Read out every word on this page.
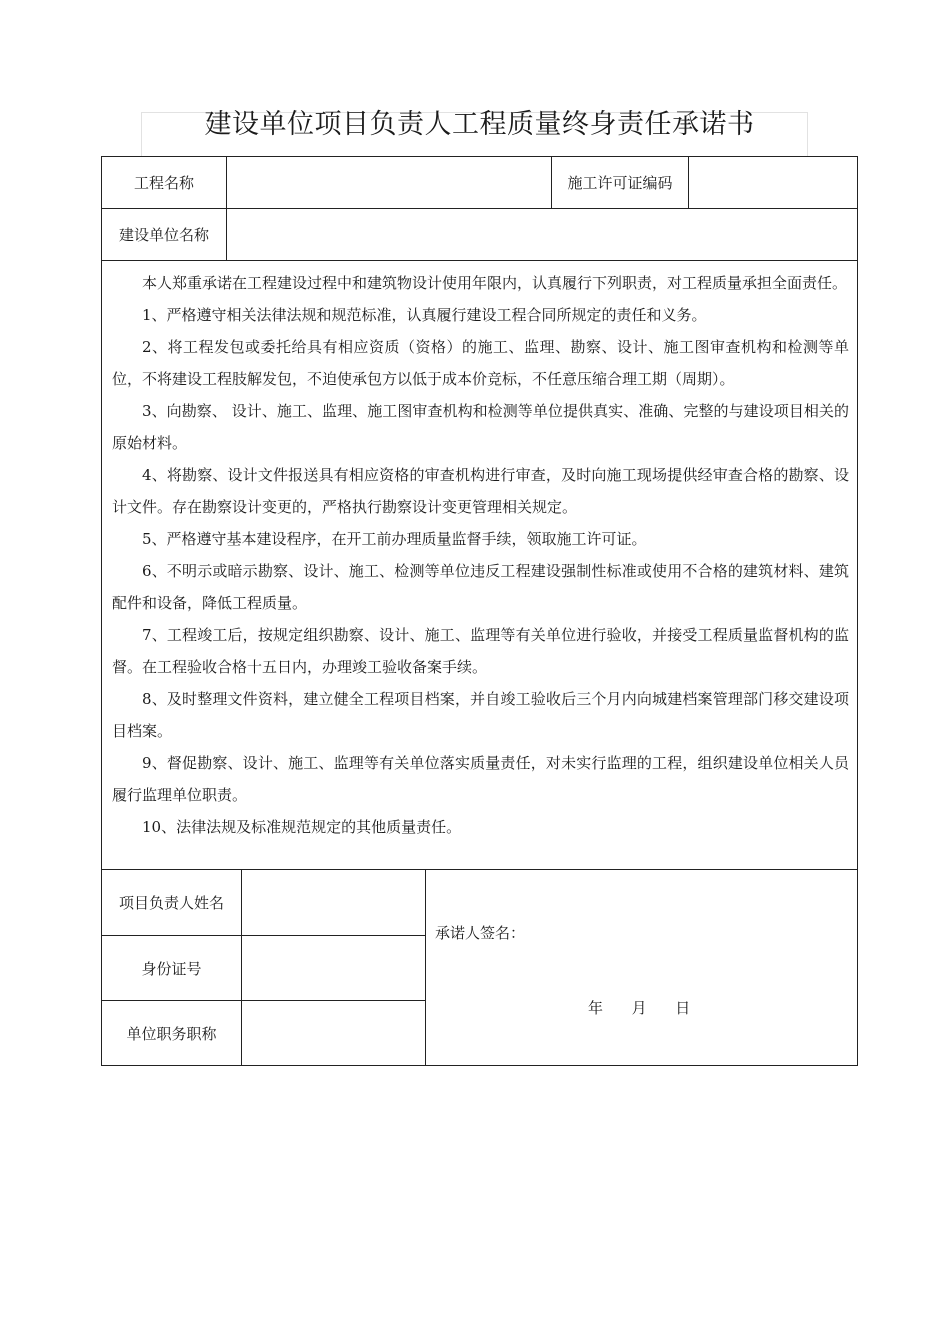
建设单位项目负责人工程质量终身责任承诺书
工程名称	施工许可证编码
建设单位名称

本人郑重承诺在工程建设过程中和建筑物设计使用年限内，认真履行下列职责，对工程质量承担全面责任。

1、严格遵守相关法律法规和规范标准，认真履行建设工程合同所规定的责任和义务。

2、将工程发包或委托给具有相应资质（资格）的施工、监理、勘察、设计、施工图审查机构和检测等单位，不将建设工程肢解发包，不迫使承包方以低于成本价竞标，不任意压缩合理工期（周期）。

3、向勘察、 设计、施工、监理、施工图审查机构和检测等单位提供真实、准确、完整的与建设项目相关的原始材料。

4、将勘察、设计文件报送具有相应资格的审查机构进行审查，及时向施工现场提供经审查合格的勘察、设计文件。存在勘察设计变更的，严格执行勘察设计变更管理相关规定。

5、严格遵守基本建设程序，在开工前办理质量监督手续，领取施工许可证。

6、不明示或暗示勘察、设计、施工、检测等单位违反工程建设强制性标准或使用不合格的建筑材料、建筑配件和设备，降低工程质量。

7、工程竣工后，按规定组织勘察、设计、施工、监理等有关单位进行验收，并接受工程质量监督机构的监督。在工程验收合格十五日内，办理竣工验收备案手续。

8、及时整理文件资料，建立健全工程项目档案，并自竣工验收后三个月内向城建档案管理部门移交建设项目档案。

9、督促勘察、设计、施工、监理等有关单位落实质量责任，对未实行监理的工程，组织建设单位相关人员履行监理单位职责。

10、法律法规及标准规范规定的其他质量责任。

项目负责人姓名
身份证号
单位职务职称
承诺人签名：
年      月      日
